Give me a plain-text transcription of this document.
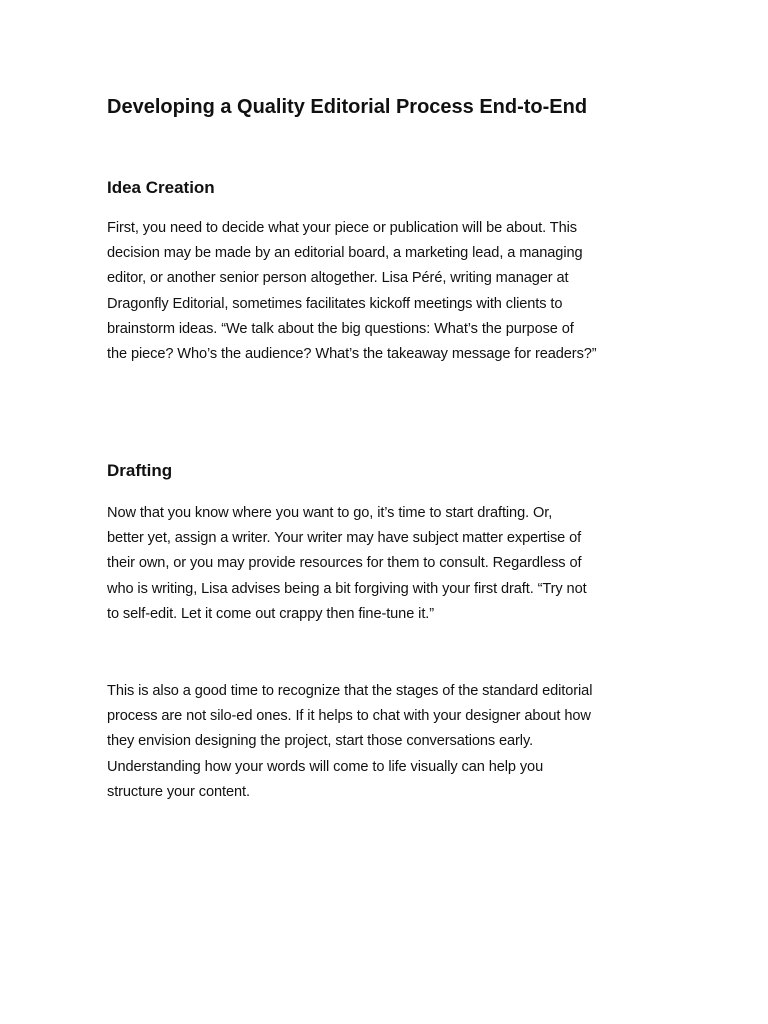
Developing a Quality Editorial Process End-to-End
Idea Creation

First, you need to decide what your piece or publication will be about. This
decision may be made by an editorial board, a marketing lead, a managing
editor, or another senior person altogether. Lisa Péré, writing manager at
Dragonfly Editorial, sometimes facilitates kickoff meetings with clients to
brainstorm ideas. “We talk about the big questions: What’s the purpose of
the piece? Who’s the audience? What’s the takeaway message for readers?”

Drafting

Now that you know where you want to go, it’s time to start drafting. Or,
better yet, assign a writer. Your writer may have subject matter expertise of
their own, or you may provide resources for them to consult. Regardless of
who is writing, Lisa advises being a bit forgiving with your first draft. “Try not
to self-edit. Let it come out crappy then fine-tune it.”

This is also a good time to recognize that the stages of the standard editorial
process are not silo-ed ones. If it helps to chat with your designer about how
they envision designing the project, start those conversations early.
Understanding how your words will come to life visually can help you
structure your content.
